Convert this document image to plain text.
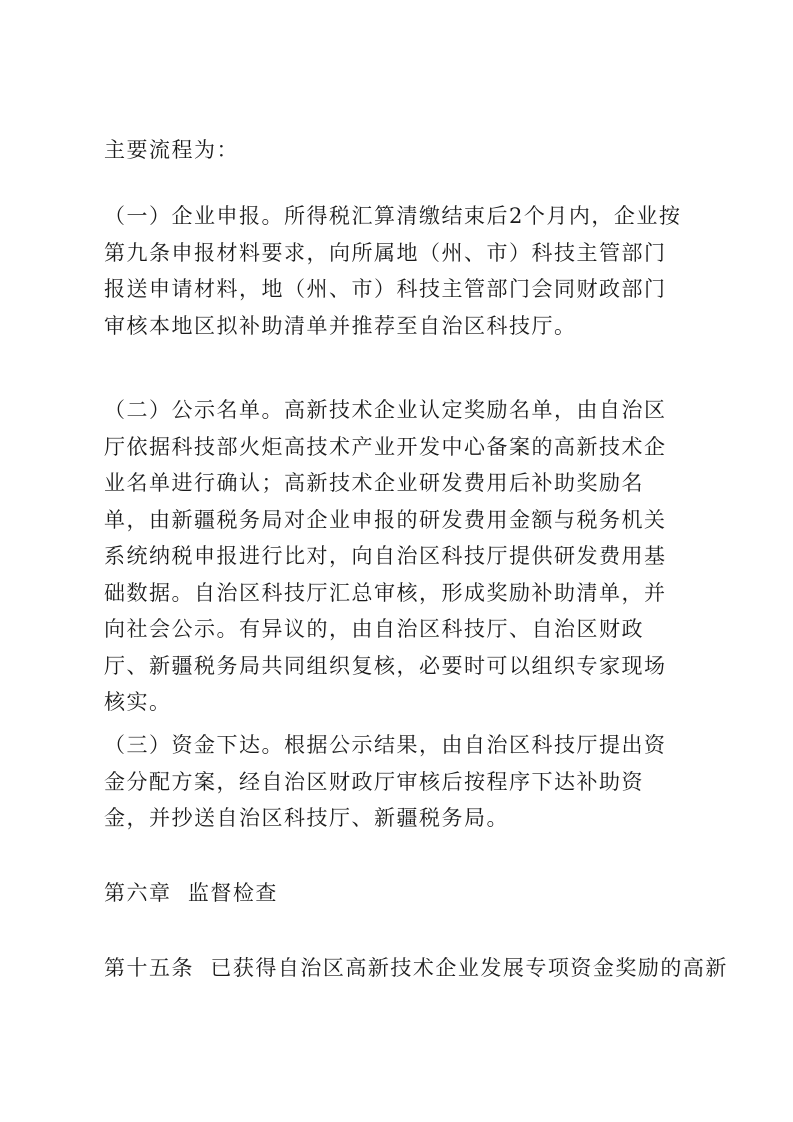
主要流程为：

（一）企业申报。所得税汇算清缴结束后2个月内，企业按第九条申报材料要求，向所属地（州、市）科技主管部门报送申请材料，地（州、市）科技主管部门会同财政部门审核本地区拟补助清单并推荐至自治区科技厅。

（二）公示名单。高新技术企业认定奖励名单，由自治区厅依据科技部火炬高技术产业开发中心备案的高新技术企业名单进行确认；高新技术企业研发费用后补助奖励名单，由新疆税务局对企业申报的研发费用金额与税务机关系统纳税申报进行比对，向自治区科技厅提供研发费用基础数据。自治区科技厅汇总审核，形成奖励补助清单，并向社会公示。有异议的，由自治区科技厅、自治区财政厅、新疆税务局共同组织复核，必要时可以组织专家现场核实。

（三）资金下达。根据公示结果，由自治区科技厅提出资金分配方案，经自治区财政厅审核后按程序下达补助资金，并抄送自治区科技厅、新疆税务局。

第六章  监督检查

第十五条  已获得自治区高新技术企业发展专项资金奖励的高新
